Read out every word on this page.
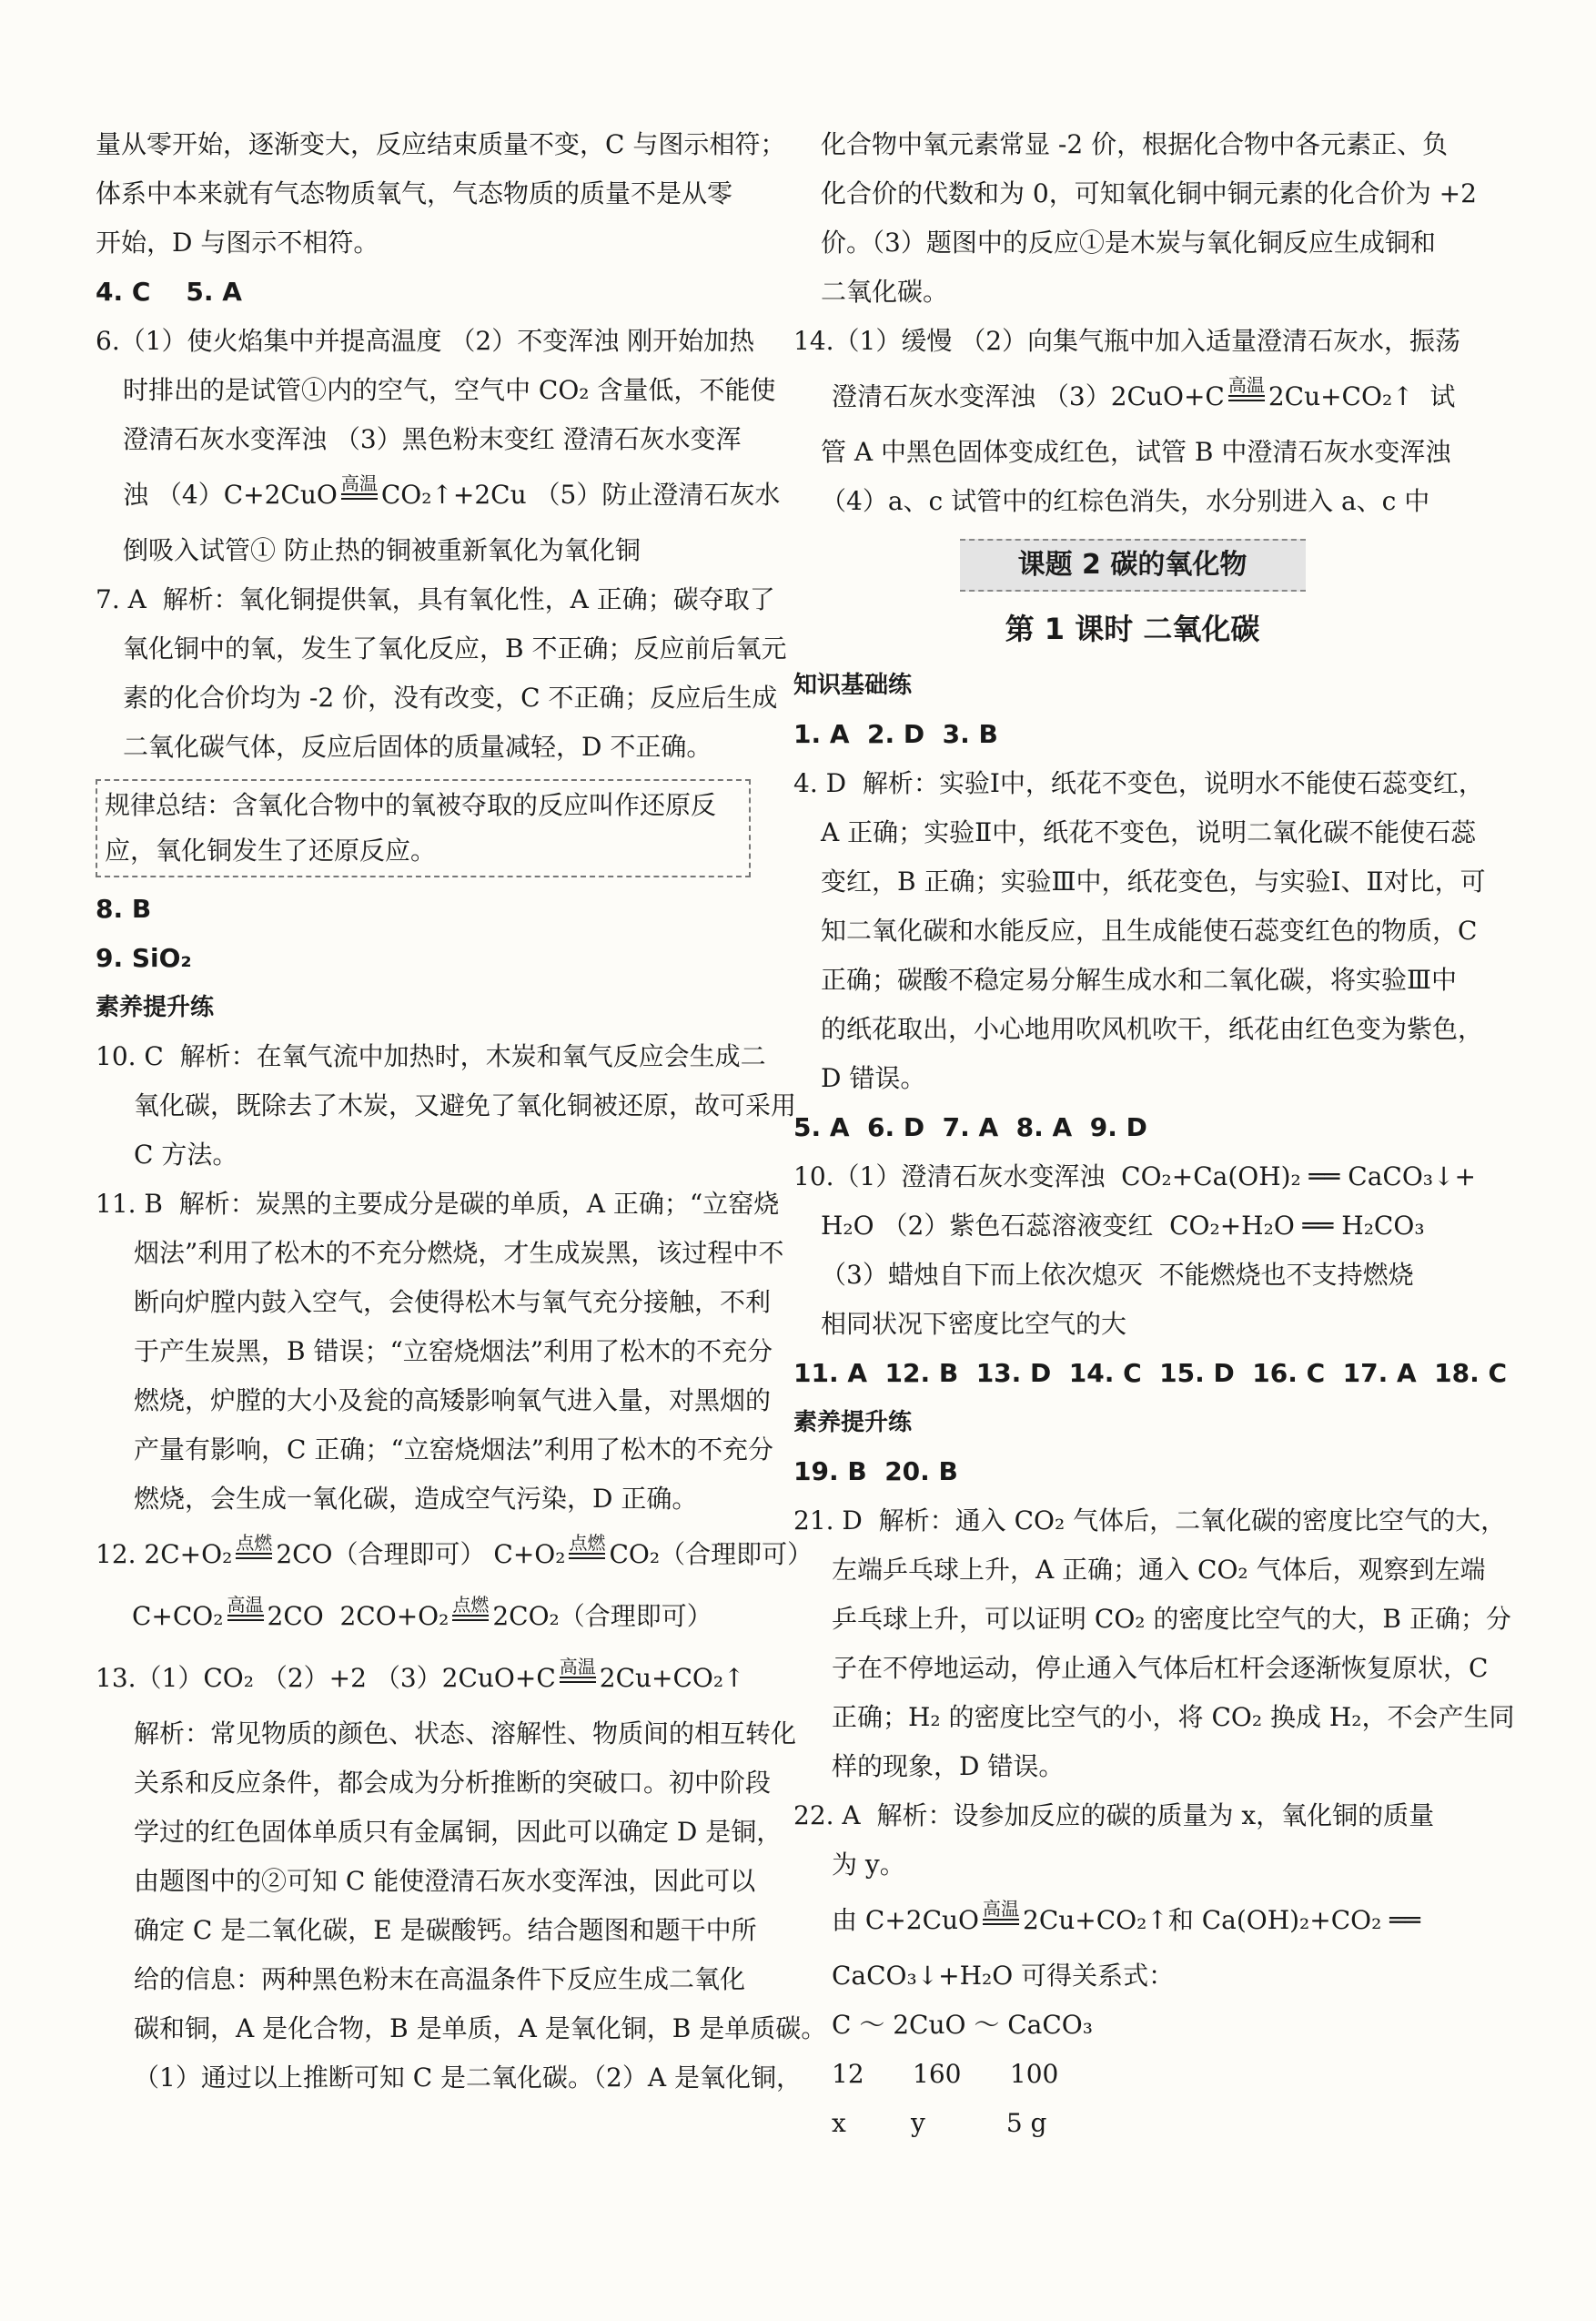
量从零开始，逐渐变大，反应结束质量不变，C 与图示相符；
体系中本来就有气态物质氧气，气态物质的质量不是从零
开始，D 与图示不相符。
4. C    5. A
6.（1）使火焰集中并提高温度 （2）不变浑浊 刚开始加热
时排出的是试管①内的空气，空气中 CO₂ 含量低，不能使
澄清石灰水变浑浊 （3）黑色粉末变红 澄清石灰水变浑
浊 （4）C+2CuO 高温 CO₂↑+2Cu （5）防止澄清石灰水
倒吸入试管① 防止热的铜被重新氧化为氧化铜
7. A  解析：氧化铜提供氧，具有氧化性，A 正确；碳夺取了
氧化铜中的氧，发生了氧化反应，B 不正确；反应前后氧元
素的化合价均为 -2 价，没有改变，C 不正确；反应后生成
二氧化碳气体，反应后固体的质量减轻，D 不正确。
规律总结：含氧化合物中的氧被夺取的反应叫作还原反
应，氧化铜发生了还原反应。
8. B
9. SiO₂
素养提升练
10. C  解析：在氧气流中加热时，木炭和氧气反应会生成二
氧化碳，既除去了木炭，又避免了氧化铜被还原，故可采用
C 方法。
11. B  解析：炭黑的主要成分是碳的单质，A 正确；“立窑烧
烟法”利用了松木的不充分燃烧，才生成炭黑，该过程中不
断向炉膛内鼓入空气，会使得松木与氧气充分接触，不利
于产生炭黑，B 错误；“立窑烧烟法”利用了松木的不充分
燃烧，炉膛的大小及瓮的高矮影响氧气进入量，对黑烟的
产量有影响，C 正确；“立窑烧烟法”利用了松木的不充分
燃烧，会生成一氧化碳，造成空气污染，D 正确。
12. 2C+O₂ 点燃 2CO（合理即可） C+O₂ 点燃 CO₂（合理即可）
C+CO₂ 高温 2CO  2CO+O₂ 点燃 2CO₂（合理即可）
13.（1）CO₂ （2）+2 （3）2CuO+C 高温 2Cu+CO₂↑
解析：常见物质的颜色、状态、溶解性、物质间的相互转化
关系和反应条件，都会成为分析推断的突破口。初中阶段
学过的红色固体单质只有金属铜，因此可以确定 D 是铜，
由题图中的②可知 C 能使澄清石灰水变浑浊，因此可以
确定 C 是二氧化碳，E 是碳酸钙。结合题图和题干中所
给的信息：两种黑色粉末在高温条件下反应生成二氧化
碳和铜，A 是化合物，B 是单质，A 是氧化铜，B 是单质碳。
（1）通过以上推断可知 C 是二氧化碳。（2）A 是氧化铜，
化合物中氧元素常显 -2 价，根据化合物中各元素正、负
化合价的代数和为 0，可知氧化铜中铜元素的化合价为 +2
价。（3）题图中的反应①是木炭与氧化铜反应生成铜和
二氧化碳。
14.（1）缓慢 （2）向集气瓶中加入适量澄清石灰水，振荡
澄清石灰水变浑浊 （3）2CuO+C 高温 2Cu+CO₂↑  试
管 A 中黑色固体变成红色，试管 B 中澄清石灰水变浑浊
（4）a、c 试管中的红棕色消失，水分别进入 a、c 中
课题 2 碳的氧化物
第 1 课时 二氧化碳
知识基础练
1. A  2. D  3. B
4. D  解析：实验Ⅰ中，纸花不变色，说明水不能使石蕊变红，
A 正确；实验Ⅱ中，纸花不变色，说明二氧化碳不能使石蕊
变红，B 正确；实验Ⅲ中，纸花变色，与实验Ⅰ、Ⅱ对比，可
知二氧化碳和水能反应，且生成能使石蕊变红色的物质，C
正确；碳酸不稳定易分解生成水和二氧化碳，将实验Ⅲ中
的纸花取出，小心地用吹风机吹干，纸花由红色变为紫色，
D 错误。
5. A  6. D  7. A  8. A  9. D
10.（1）澄清石灰水变浑浊  CO₂+Ca(OH)₂ ══ CaCO₃↓+
H₂O （2）紫色石蕊溶液变红  CO₂+H₂O ══ H₂CO₃
（3）蜡烛自下而上依次熄灭  不能燃烧也不支持燃烧
相同状况下密度比空气的大
11. A  12. B  13. D  14. C  15. D  16. C  17. A  18. C
素养提升练
19. B  20. B
21. D  解析：通入 CO₂ 气体后，二氧化碳的密度比空气的大，
左端乒乓球上升，A 正确；通入 CO₂ 气体后，观察到左端
乒乓球上升，可以证明 CO₂ 的密度比空气的大，B 正确；分
子在不停地运动，停止通入气体后杠杆会逐渐恢复原状，C
正确；H₂ 的密度比空气的小，将 CO₂ 换成 H₂，不会产生同
样的现象，D 错误。
22. A  解析：设参加反应的碳的质量为 x，氧化铜的质量
为 y。
由 C+2CuO 高温 2Cu+CO₂↑和 Ca(OH)₂+CO₂ ══
CaCO₃↓+H₂O 可得关系式：
C ～ 2CuO ～ CaCO₃
12      160      100
x        y          5 g
